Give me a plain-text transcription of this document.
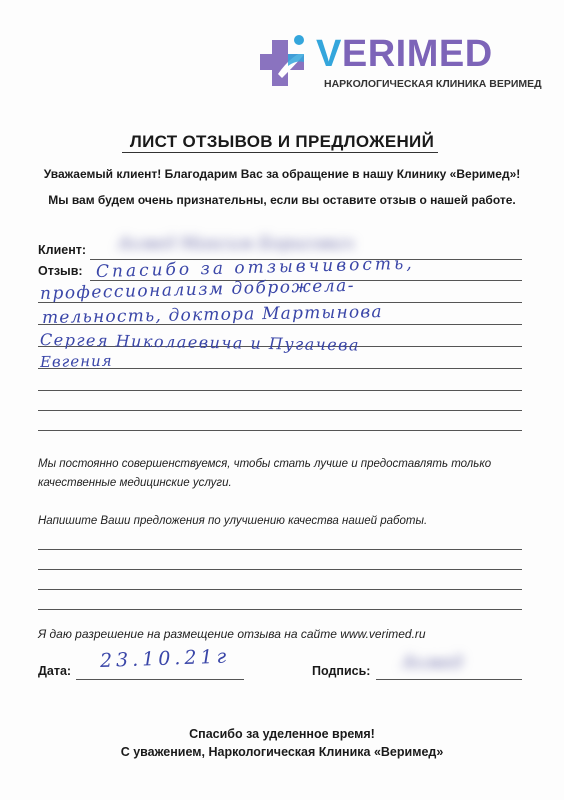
VERIMED
НАРКОЛОГИЧЕСКАЯ КЛИНИКА ВЕРИМЕД
ЛИСТ ОТЗЫВОВ И ПРЕДЛОЖЕНИЙ
Уважаемый клиент! Благодарим Вас за обращение в нашу Клинику «Веримед»!
Мы вам будем очень признательны, если вы оставите отзыв о нашей работе.
Клиент: Ахмед Максим Борисович
Отзыв: Спасибо за отзывчивость,
профессионализм доброжела-
тельность, доктора Мартынова
Сергея Николаевича и Пугачева
Евгения
Мы постоянно совершенствуемся, чтобы стать лучше и предоставлять только
качественные медицинские услуги.
Напишите Ваши предложения по улучшению качества нашей работы.
Я даю разрешение на размещение отзыва на сайте www.verimed.ru
Дата: 23.10.21г	Подпись: Ахмед
Спасибо за уделенное время!
С уважением, Наркологическая Клиника «Веримед»
